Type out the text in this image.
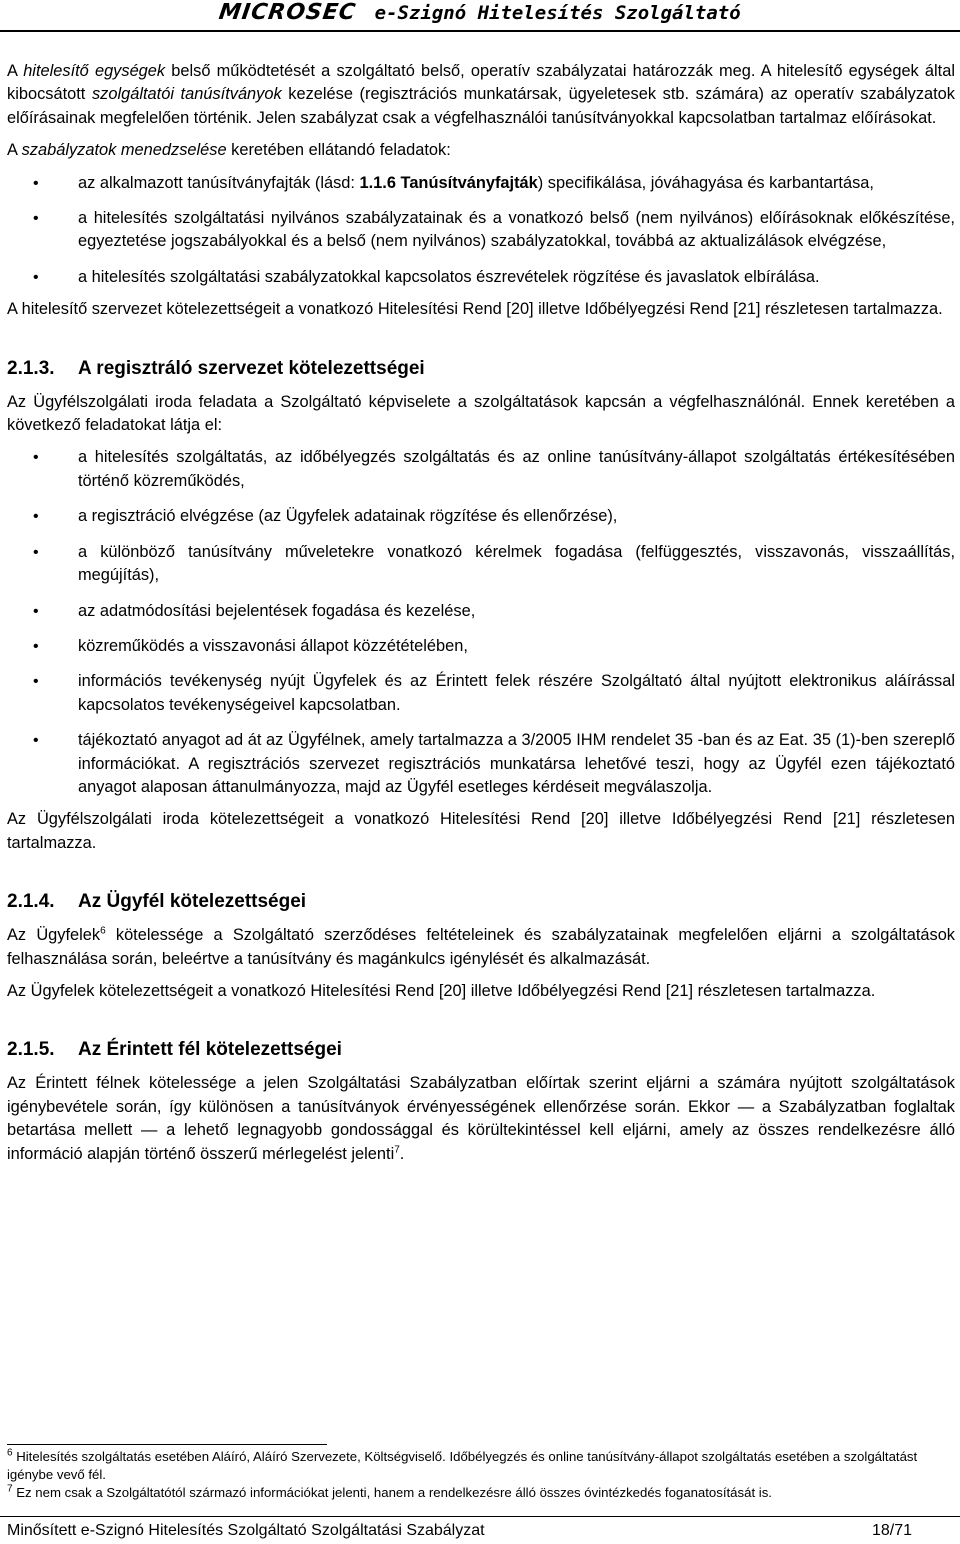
MICROSEC e-Szignó Hitelesítés Szolgáltató

A hitelesítő egységek belső működtetését a szolgáltató belső, operatív szabályzatai határozzák meg. A hitelesítő egységek által kibocsátott szolgáltatói tanúsítványok kezelése (regisztrációs munkatársak, ügyeletesek stb. számára) az operatív szabályzatok előírásainak megfelelően történik. Jelen szabályzat csak a végfelhasználói tanúsítványokkal kapcsolatban tartalmaz előírásokat.

A szabályzatok menedzselése keretében ellátandó feladatok:

• az alkalmazott tanúsítványfajták (lásd: 1.1.6 Tanúsítványfajták) specifikálása, jóváhagyása és karbantartása,
• a hitelesítés szolgáltatási nyilvános szabályzatainak és a vonatkozó belső (nem nyilvános) előírásoknak előkészítése, egyeztetése jogszabályokkal és a belső (nem nyilvános) szabályzatokkal, továbbá az aktualizálások elvégzése,
• a hitelesítés szolgáltatási szabályzatokkal kapcsolatos észrevételek rögzítése és javaslatok elbírálása.

A hitelesítő szervezet kötelezettségeit a vonatkozó Hitelesítési Rend [20] illetve Időbélyegzési Rend [21] részletesen tartalmazza.

2.1.3. A regisztráló szervezet kötelezettségei

Az Ügyfélszolgálati iroda feladata a Szolgáltató képviselete a szolgáltatások kapcsán a végfelhasználónál. Ennek keretében a következő feladatokat látja el:

• a hitelesítés szolgáltatás, az időbélyegzés szolgáltatás és az online tanúsítvány-állapot szolgáltatás értékesítésében történő közreműködés,
• a regisztráció elvégzése (az Ügyfelek adatainak rögzítése és ellenőrzése),
• a különböző tanúsítvány műveletekre vonatkozó kérelmek fogadása (felfüggesztés, visszavonás, visszaállítás, megújítás),
• az adatmódosítási bejelentések fogadása és kezelése,
• közreműködés a visszavonási állapot közzétételében,
• információs tevékenység nyújt Ügyfelek és az Érintett felek részére Szolgáltató által nyújtott elektronikus aláírással kapcsolatos tevékenységeivel kapcsolatban.
• tájékoztató anyagot ad át az Ügyfélnek, amely tartalmazza a 3/2005 IHM rendelet 35 -ban és az Eat. 35 (1)-ben szereplő információkat. A regisztrációs szervezet regisztrációs munkatársa lehetővé teszi, hogy az Ügyfél ezen tájékoztató anyagot alaposan áttanulmányozza, majd az Ügyfél esetleges kérdéseit megválaszolja.

Az Ügyfélszolgálati iroda kötelezettségeit a vonatkozó Hitelesítési Rend [20] illetve Időbélyegzési Rend [21] részletesen tartalmazza.

2.1.4. Az Ügyfél kötelezettségei

Az Ügyfelek$^6$ kötelessége a Szolgáltató szerződéses feltételeinek és szabályzatainak megfelelően eljárni a szolgáltatások felhasználása során, beleértve a tanúsítvány és magánkulcs igénylését és alkalmazását.

Az Ügyfelek kötelezettségeit a vonatkozó Hitelesítési Rend [20] illetve Időbélyegzési Rend [21] részletesen tartalmazza.

2.1.5. Az Érintett fél kötelezettségei

Az Érintett félnek kötelessége a jelen Szolgáltatási Szabályzatban előírtak szerint eljárni a számára nyújtott szolgáltatások igénybevétele során, így különösen a tanúsítványok érvényességének ellenőrzése során. Ekkor — a Szabályzatban foglaltak betartása mellett — a lehető legnagyobb gondossággal és körültekintéssel kell eljárni, amely az összes rendelkezésre álló információ alapján történő összerű mérlegelést jelenti$^7$.

$^6$ Hitelesítés szolgáltatás esetében Aláíró, Aláíró Szervezete, Költségviselő. Időbélyegzés és online tanúsítvány-állapot szolgáltatás esetében a szolgáltatást igénybe vevő fél.

$^7$ Ez nem csak a Szolgáltatótól származó információkat jelenti, hanem a rendelkezésre álló összes óvintézkedés foganatosítását is.

Minősített e-Szignó Hitelesítés Szolgáltató Szolgáltatási Szabályzat	18/71
